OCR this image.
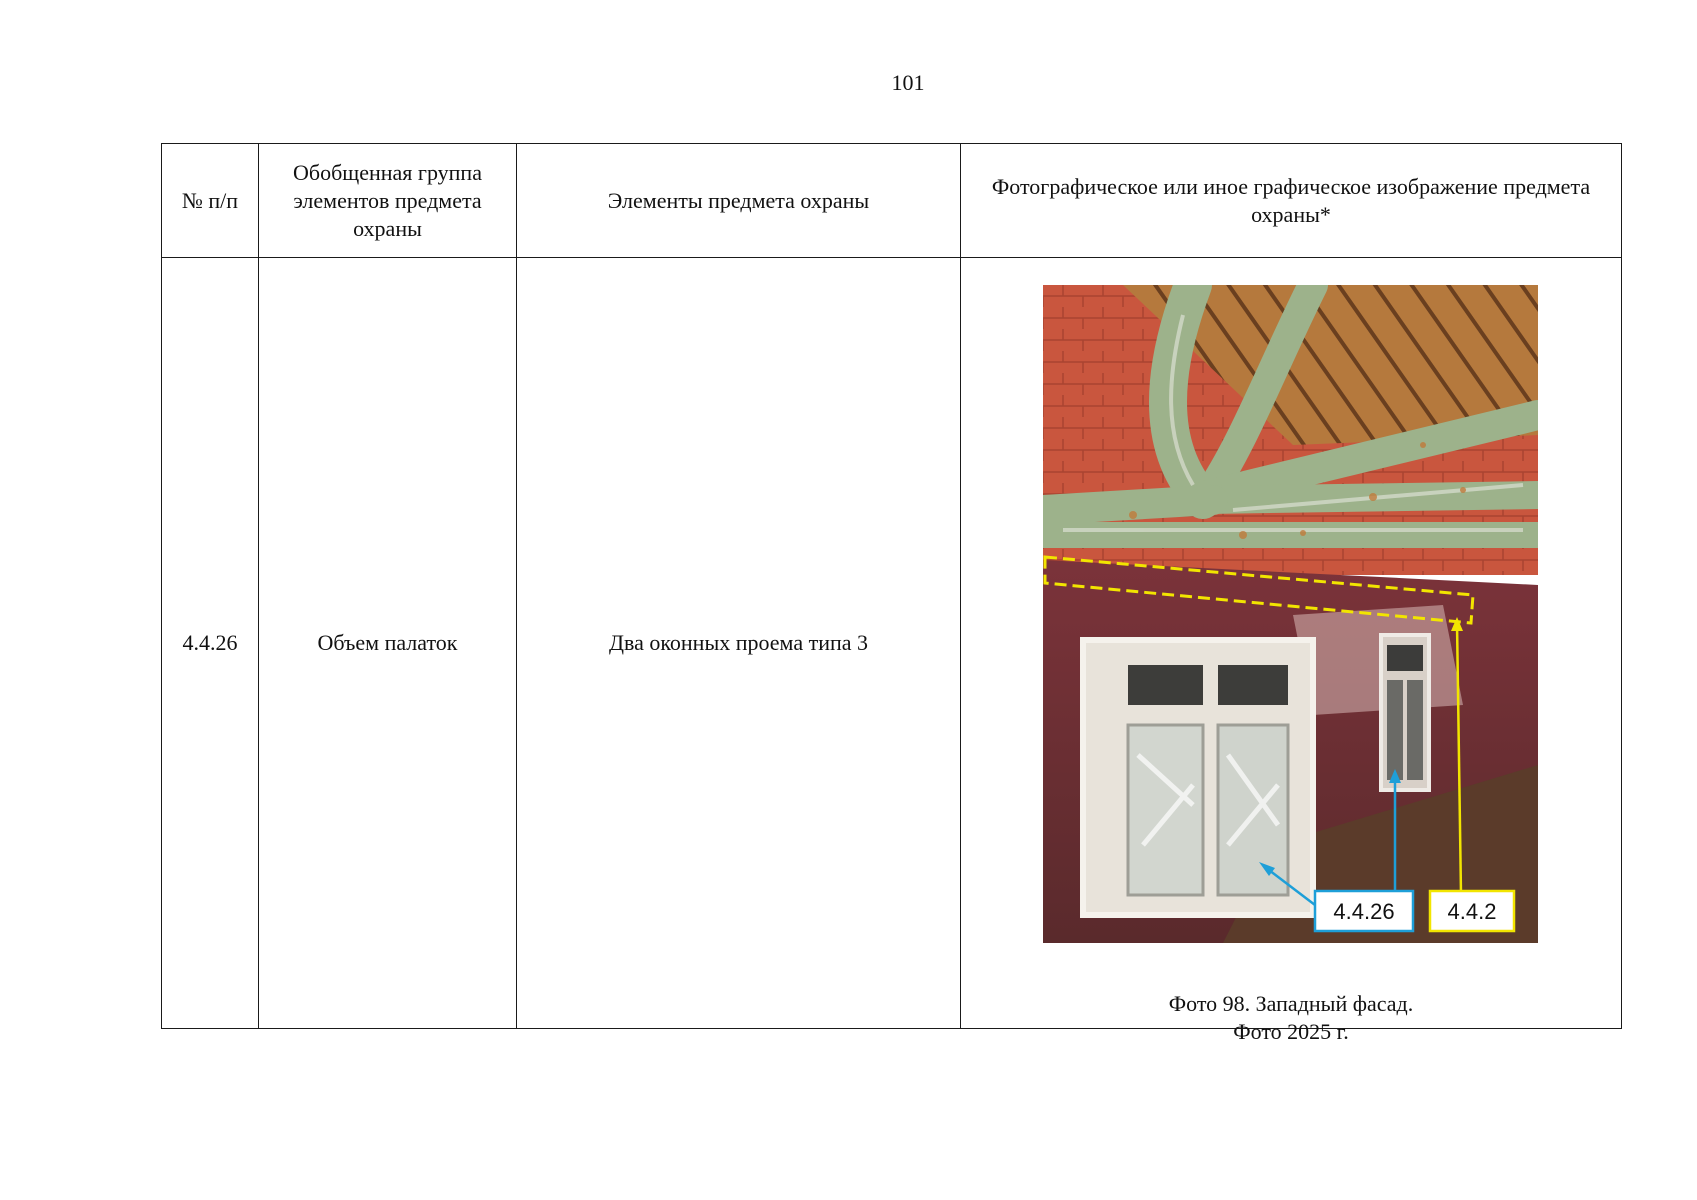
101
№ п/п	Обобщенная группа элементов предмета охраны	Элементы предмета охраны	Фотографическое или иное графическое изображение предмета охраны*
4.4.26	Объем палаток	Два оконных проема типа 3	4.4.26 4.4.2
Фото 98. Западный фасад.
Фото 2025 г.
